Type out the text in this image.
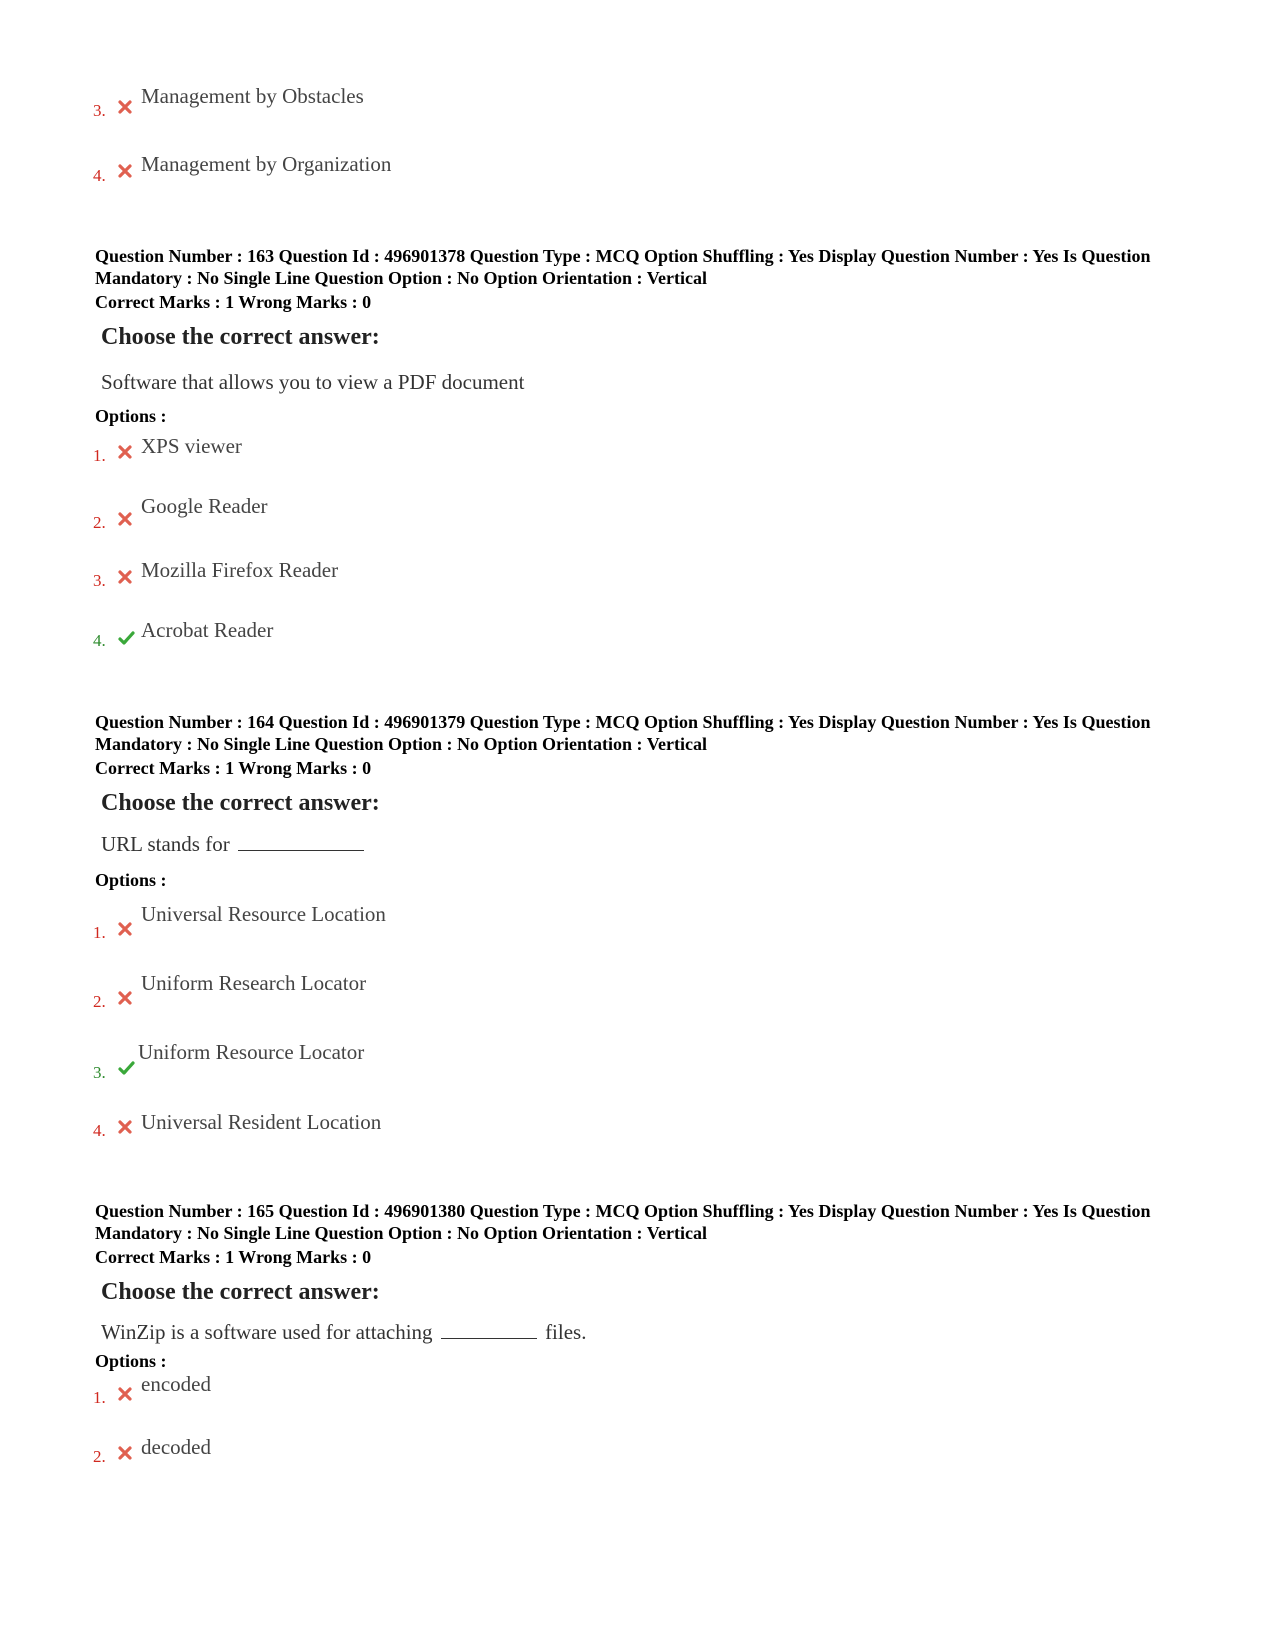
3.
Management by Obstacles
4. Management by Organization
Question Number : 163 Question Id : 496901378 Question Type : MCQ Option Shuffling : Yes Display Question Number : Yes Is Question Mandatory : No Single Line Question Option : No Option Orientation : Vertical
Correct Marks : 1 Wrong Marks : 0
Choose the correct answer:
Software that allows you to view a PDF document
Options :
1. XPS viewer
2.
Google Reader
3. Mozilla Firefox Reader
4. Acrobat Reader
Question Number : 164 Question Id : 496901379 Question Type : MCQ Option Shuffling : Yes Display Question Number : Yes Is Question Mandatory : No Single Line Question Option : No Option Orientation : Vertical
Correct Marks : 1 Wrong Marks : 0
Choose the correct answer:
URL stands for
Options :
1.
Universal Resource Location
2.
Uniform Research Locator
3.
Uniform Resource Locator
4. Universal Resident Location
Question Number : 165 Question Id : 496901380 Question Type : MCQ Option Shuffling : Yes Display Question Number : Yes Is Question Mandatory : No Single Line Question Option : No Option Orientation : Vertical
Correct Marks : 1 Wrong Marks : 0
Choose the correct answer:
WinZip is a software used for attaching	files.
Options :
1.
encoded
2. decoded
